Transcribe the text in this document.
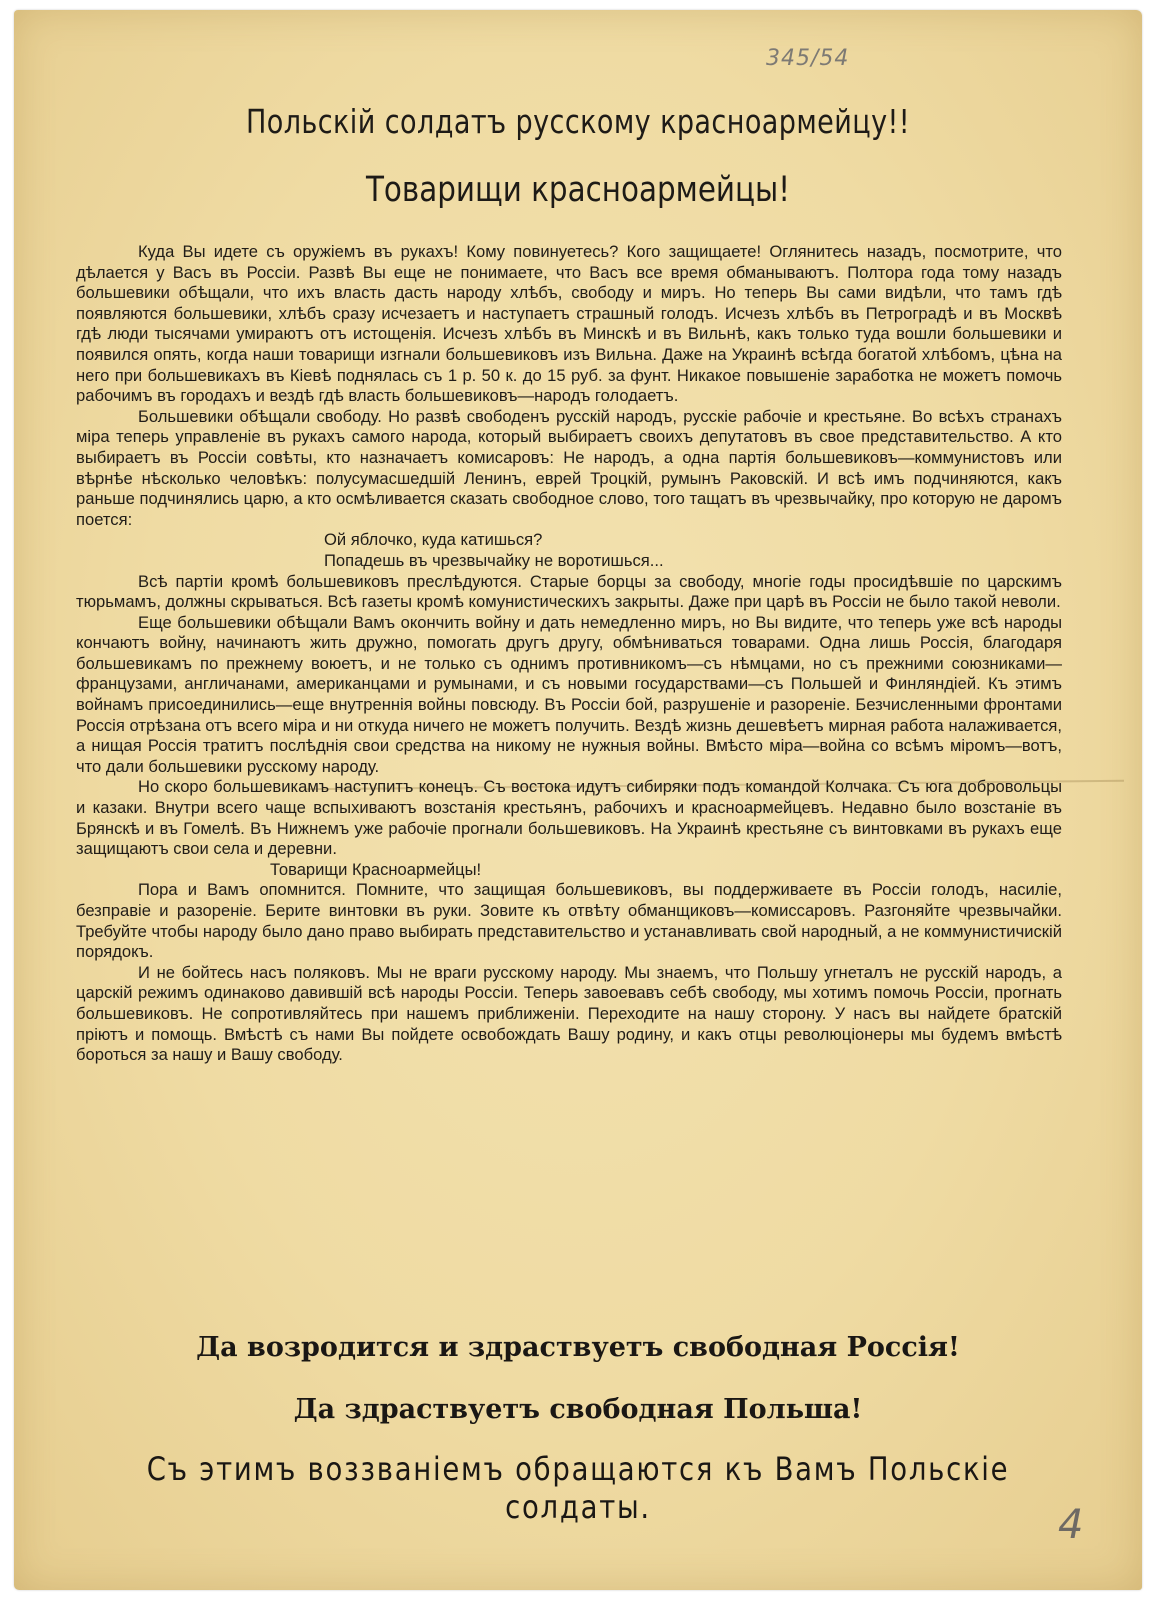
345/54
Польскій солдатъ русскому красноармейцу!!
Товарищи красноармейцы!

Куда Вы идете съ оружіемъ въ рукахъ! Кому повинуетесь? Кого защищаете! Оглянитесь назадъ, посмотрите, что дѣлается у Васъ въ Россіи. Развѣ Вы еще не понимаете, что Васъ все время обманываютъ. Полтора года тому назадъ большевики обѣщали, что ихъ власть дасть народу хлѣбъ, свободу и миръ. Но теперь Вы сами видѣли, что тамъ гдѣ появляются большевики, хлѣбъ сразу исчезаетъ и наступаетъ страшный голодъ. Исчезъ хлѣбъ въ Петроградѣ и въ Москвѣ гдѣ люди тысячами умираютъ отъ истощенія. Исчезъ хлѣбъ въ Минскѣ и въ Вильнѣ, какъ только туда вошли большевики и появился опять, когда наши товарищи изгнали большевиковъ изъ Вильна. Даже на Украинѣ всѣгда богатой хлѣбомъ, цѣна на него при большевикахъ въ Кіевѣ поднялась съ 1 р. 50 к. до 15 руб. за фунт. Никакое повышеніе заработка не можетъ помочь рабочимъ въ городахъ и вездѣ гдѣ власть большевиковъ—народъ голодаетъ.

Большевики обѣщали свободу. Но развѣ свободенъ русскій народъ, русскіе рабочіе и крестьяне. Во всѣхъ странахъ міра теперь управленіе въ рукахъ самого народа, который выбираетъ своихъ депутатовъ въ свое представительство. А кто выбираетъ въ Россіи совѣты, кто назначаетъ комисаровъ: Не народъ, а одна партія большевиковъ—коммунистовъ или вѣрнѣе нѣсколько человѣкъ: полусумасшедшій Ленинъ, еврей Троцкій, румынъ Раковскій. И всѣ имъ подчиняются, какъ раньше подчинялись царю, а кто осмѣливается сказать свободное слово, того тащатъ въ чрезвычайку, про которую не даромъ поется:

Ой яблочко, куда катишься?

Попадешь въ чрезвычайку не воротишься...

Всѣ партіи кромѣ большевиковъ преслѣдуются. Старые борцы за свободу, многіе годы просидѣвшіе по царскимъ тюрьмамъ, должны скрываться. Всѣ газеты кромѣ комунистическихъ закрыты. Даже при царѣ въ Россіи не было такой неволи.

Еще большевики обѣщали Вамъ окончить войну и дать немедленно миръ, но Вы видите, что теперь уже всѣ народы кончаютъ войну, начинаютъ жить дружно, помогать другъ другу, обмѣниваться товарами. Одна лишь Россія, благодаря большевикамъ по прежнему воюетъ, и не только съ однимъ противникомъ—съ нѣмцами, но съ прежними союзниками—французами, англичанами, американцами и румынами, и съ новыми государствами—съ Польшей и Финляндіей. Къ этимъ войнамъ присоединились—еще внутреннія войны повсюду. Въ Россіи бой, разрушеніе и разореніе. Безчисленными фронтами Россія отрѣзана отъ всего міра и ни откуда ничего не можетъ получить. Вездѣ жизнь дешевѣетъ мирная работа налаживается, а нищая Россія тратитъ послѣднія свои средства на никому не нужныя войны. Вмѣсто міра—война со всѣмъ міромъ—вотъ, что дали большевики русскому народу.

Но скоро большевикамъ наступитъ конецъ. Съ востока идутъ сибиряки подъ командой Колчака. Съ юга добровольцы и казаки. Внутри всего чаще вспыхиваютъ возстанія крестьянъ, рабочихъ и красноармейцевъ. Недавно было возстаніе въ Брянскѣ и въ Гомелѣ. Въ Нижнемъ уже рабочіе прогнали большевиковъ. На Украинѣ крестьяне съ винтовками въ рукахъ еще защищаютъ свои села и деревни.

Товарищи Красноармейцы!

Пора и Вамъ опомнится. Помните, что защищая большевиковъ, вы поддерживаете въ Россіи голодъ, насиліе, безправіе и разореніе. Берите винтовки въ руки. Зовите къ отвѣту обманщиковъ—комиссаровъ. Разгоняйте чрезвычайки. Требуйте чтобы народу было дано право выбирать представительство и устанавливать свой народный, а не коммунистичискій порядокъ.

И не бойтесь насъ поляковъ. Мы не враги русскому народу. Мы знаемъ, что Польшу угнеталъ не русскій народъ, а царскій режимъ одинаково давившій всѣ народы Россіи. Теперь завоевавъ себѣ свободу, мы хотимъ помочь Россіи, прогнать большевиковъ. Не сопротивляйтесь при нашемъ приближеніи. Переходите на нашу сторону. У насъ вы найдете братскій пріютъ и помощь. Вмѣстѣ съ нами Вы пойдете освобождать Вашу родину, и какъ отцы революціонеры мы будемъ вмѣстѣ бороться за нашу и Вашу свободу.

Да возродится и здраствуетъ свободная Россія!
Да здраствуетъ свободная Польша!
Съ этимъ воззваніемъ обращаются къ Вамъ Польскіе солдаты.	4
